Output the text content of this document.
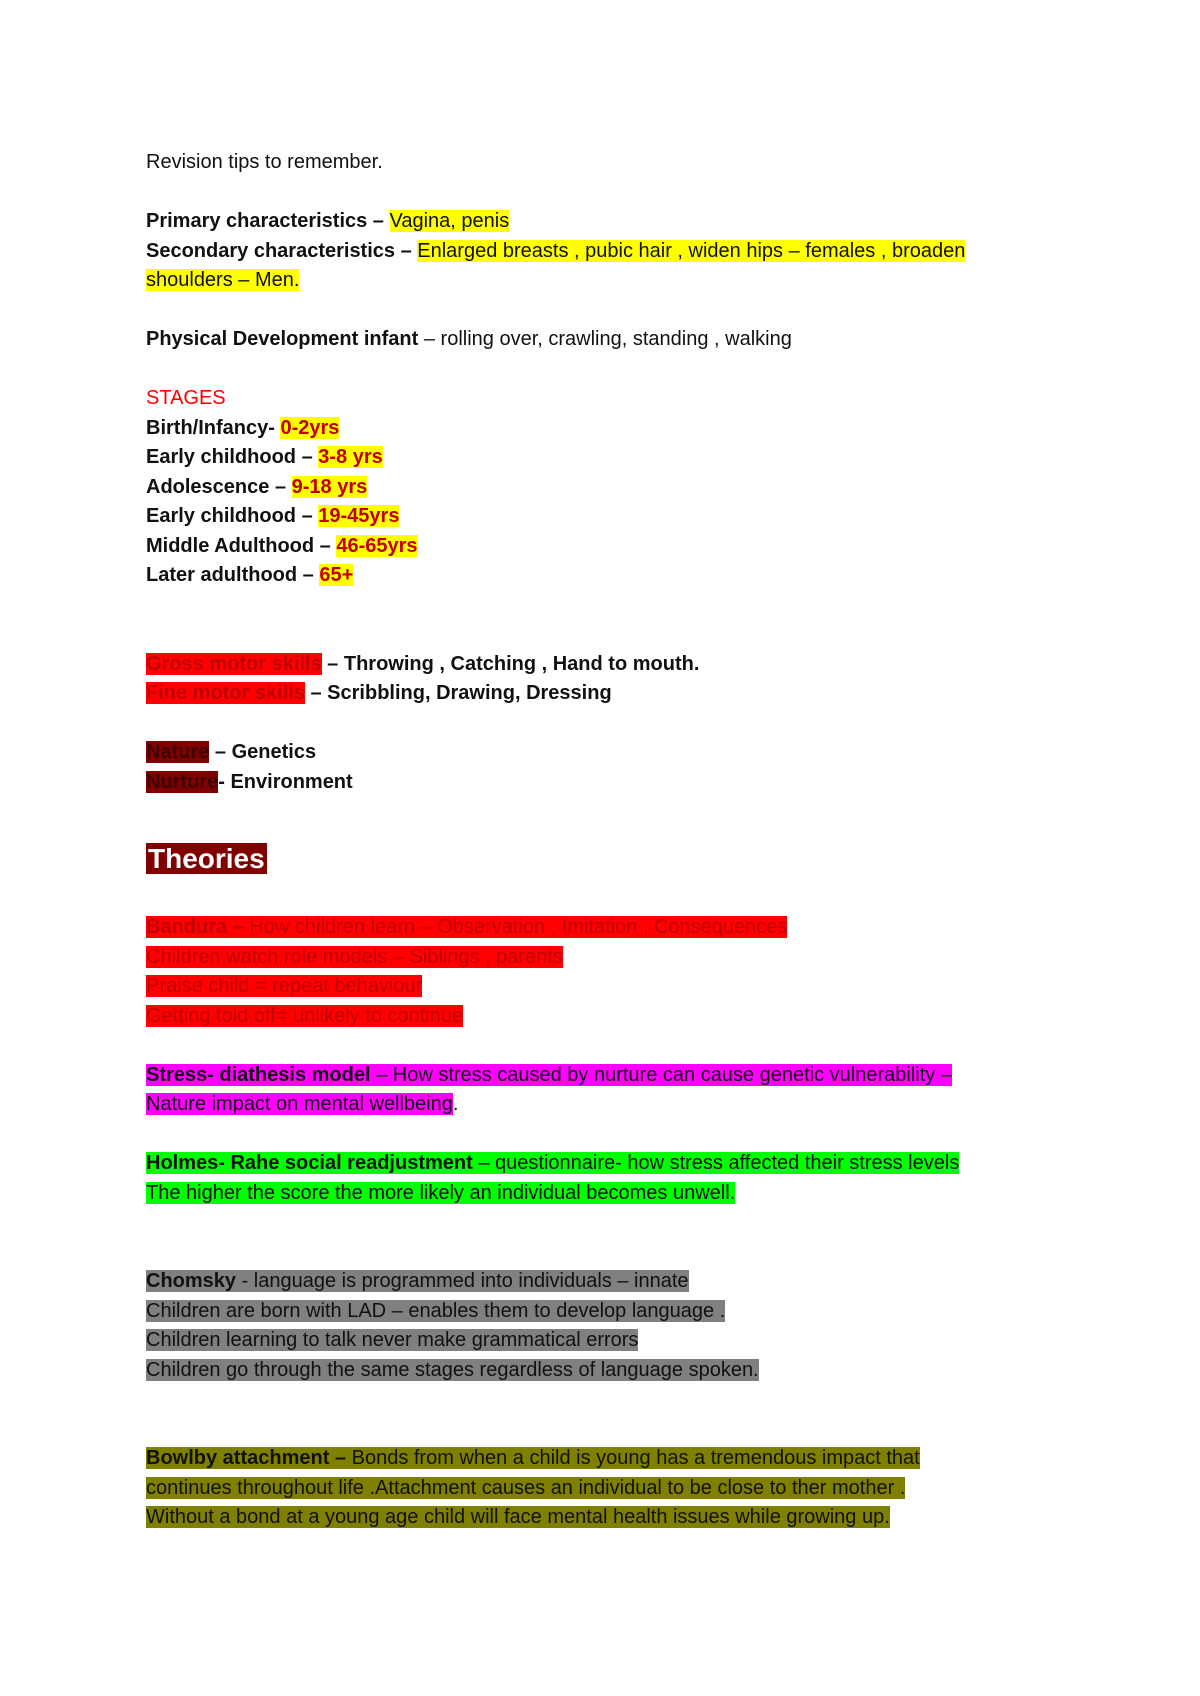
Revision tips to remember.
Primary characteristics – Vagina, penis
Secondary characteristics – Enlarged breasts , pubic hair , widen hips – females , broaden
shoulders – Men.
Physical Development infant – rolling over, crawling, standing , walking
STAGES
Birth/Infancy- 0-2yrs
Early childhood – 3-8 yrs
Adolescence – 9-18 yrs
Early childhood – 19-45yrs
Middle Adulthood – 46-65yrs
Later adulthood – 65+
Gross motor skills – Throwing , Catching , Hand to mouth.
Fine motor skills – Scribbling, Drawing, Dressing
Nature – Genetics
Nurture- Environment
Theories
Bandura – How children learn – Observation , Imitation , Consequences
Children watch role models – Siblings , parents
Praise child = repeat behaviour
Getting told off= unlikely to continue
Stress- diathesis model – How stress caused by nurture can cause genetic vulnerability –
Nature impact on mental wellbeing.
Holmes- Rahe social readjustment – questionnaire- how stress affected their stress levels
The higher the score the more likely an individual becomes unwell.
Chomsky - language is programmed into individuals – innate
Children are born with LAD – enables them to develop language .
Children learning to talk never make grammatical errors
Children go through the same stages regardless of language spoken.
Bowlby attachment – Bonds from when a child is young has a tremendous impact that
continues throughout life .Attachment causes an individual to be close to ther mother .
Without a bond at a young age child will face mental health issues while growing up.
